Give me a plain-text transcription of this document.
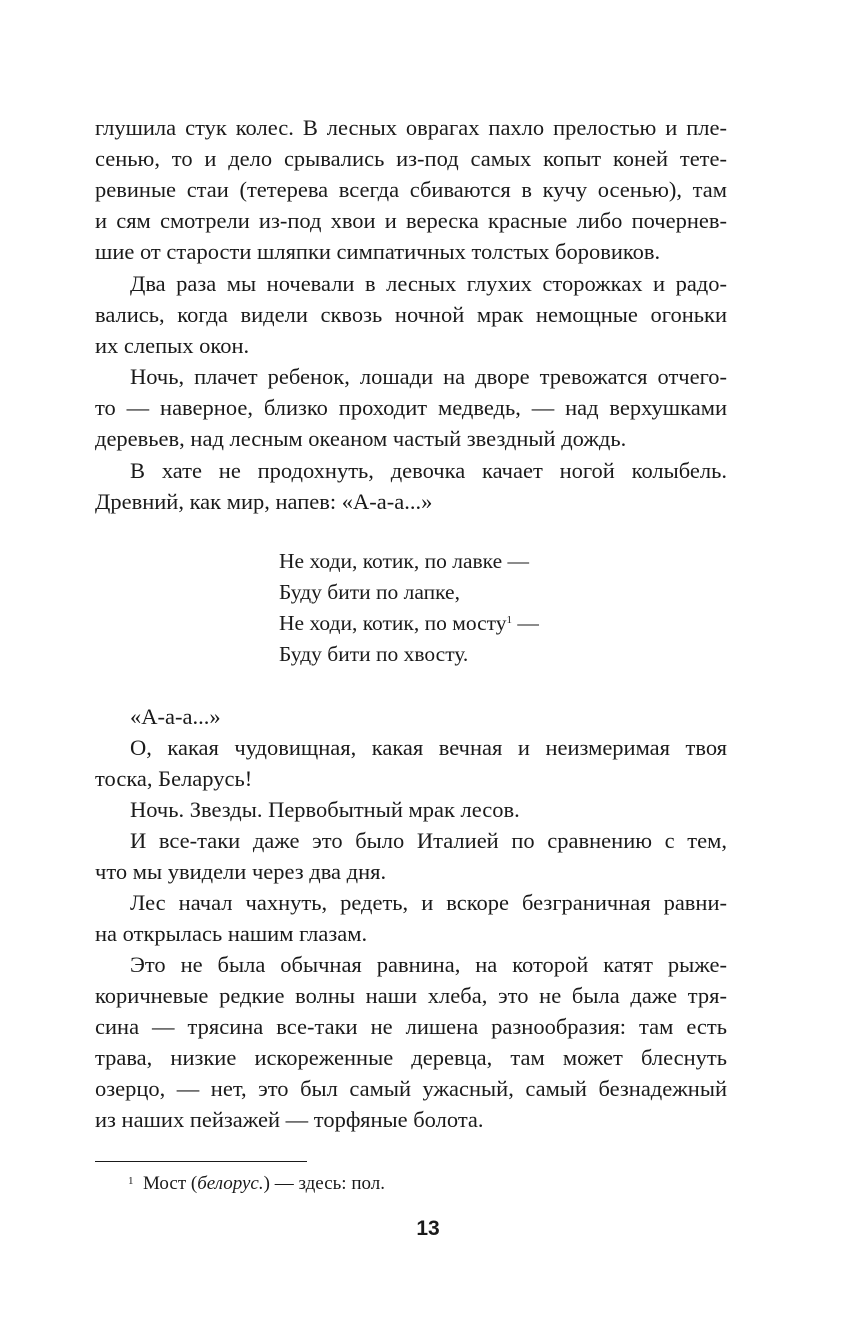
глушила стук колес. В лесных оврагах пахло прелостью и пле-
сенью, то и дело срывались из-под самых копыт коней тете-
ревиные стаи (тетерева всегда сбиваются в кучу осенью), там
и сям смотрели из-под хвои и вереска красные либо почернев-
шие от старости шляпки симпатичных толстых боровиков.
Два раза мы ночевали в лесных глухих сторожках и радо-
вались, когда видели сквозь ночной мрак немощные огоньки
их слепых окон.
Ночь, плачет ребенок, лошади на дворе тревожатся отчего-
то — наверное, близко проходит медведь, — над верхушками
деревьев, над лесным океаном частый звездный дождь.
В хате не продохнуть, девочка качает ногой колыбель.
Древний, как мир, напев: «А-а-а...»
Не ходи, котик, по лавке —
Буду бити по лапке,
Не ходи, котик, по мосту$^1$ —
Буду бити по хвосту.
«А-а-а...»
О, какая чудовищная, какая вечная и неизмеримая твоя
тоска, Беларусь!
Ночь. Звезды. Первобытный мрак лесов.
И все-таки даже это было Италией по сравнению с тем,
что мы увидели через два дня.
Лес начал чахнуть, редеть, и вскоре безграничная равни-
на открылась нашим глазам.
Это не была обычная равнина, на которой катят рыже-
коричневые редкие волны наши хлеба, это не была даже тря-
сина — трясина все-таки не лишена разнообразия: там есть
трава, низкие искореженные деревца, там может блеснуть
озерцо, — нет, это был самый ужасный, самый безнадежный
из наших пейзажей — торфяные болота.
$^1$ Мост (белорус.) — здесь: пол.
13
